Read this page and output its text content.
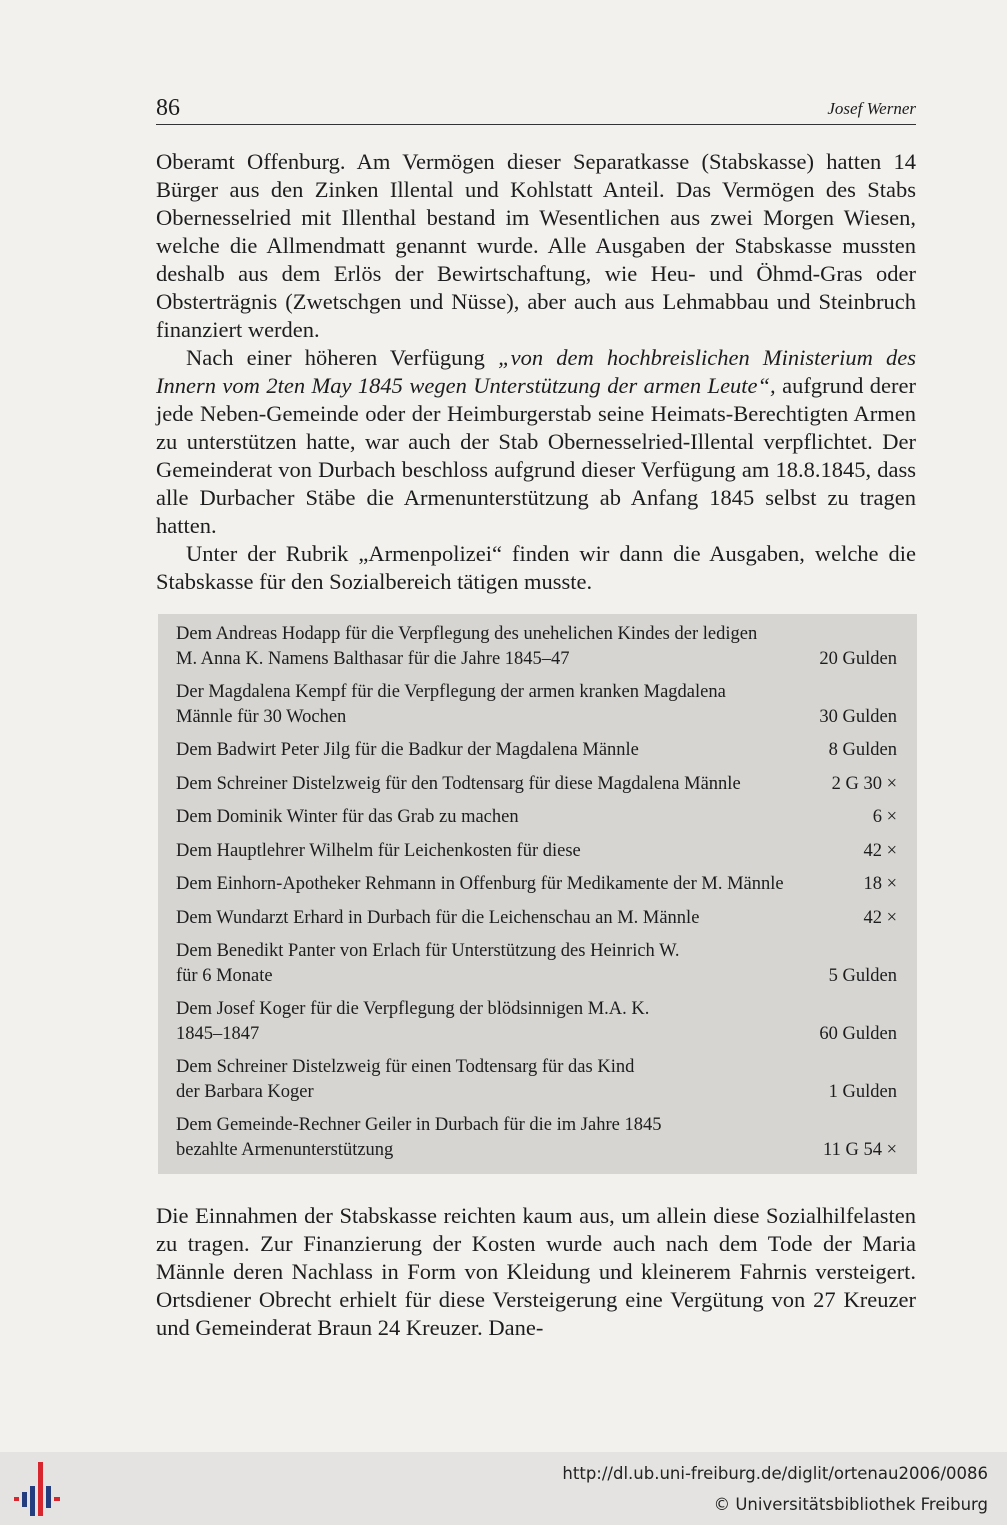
86	Josef Werner

Oberamt Offenburg. Am Vermögen dieser Separatkasse (Stabskasse) hatten 14 Bürger aus den Zinken Illental und Kohlstatt Anteil. Das Vermögen des Stabs Obernesselried mit Illenthal bestand im Wesentlichen aus zwei Morgen Wiesen, welche die Allmendmatt genannt wurde. Alle Ausgaben der Stabskasse mussten deshalb aus dem Erlös der Bewirtschaftung, wie Heu- und Öhmd-Gras oder Obsterträgnis (Zwetschgen und Nüsse), aber auch aus Lehmabbau und Steinbruch finanziert werden.

Nach einer höheren Verfügung „von dem hochbreislichen Ministerium des Innern vom 2ten May 1845 wegen Unterstützung der armen Leute“, aufgrund derer jede Neben-Gemeinde oder der Heimburgerstab seine Heimats-Berechtigten Armen zu unterstützen hatte, war auch der Stab Obernesselried-Illental verpflichtet. Der Gemeinderat von Durbach beschloss aufgrund dieser Verfügung am 18.8.1845, dass alle Durbacher Stäbe die Armenunterstützung ab Anfang 1845 selbst zu tragen hatten.

Unter der Rubrik „Armenpolizei“ finden wir dann die Ausgaben, welche die Stabskasse für den Sozialbereich tätigen musste.

Dem Andreas Hodapp für die Verpflegung des unehelichen Kindes der ledigen
M. Anna K. Namens Balthasar für die Jahre 1845–47	20 Gulden
Der Magdalena Kempf für die Verpflegung der armen kranken Magdalena
Männle für 30 Wochen	30 Gulden
Dem Badwirt Peter Jilg für die Badkur der Magdalena Männle	8 Gulden
Dem Schreiner Distelzweig für den Todtensarg für diese Magdalena Männle	2 G 30 ×
Dem Dominik Winter für das Grab zu machen	6 ×
Dem Hauptlehrer Wilhelm für Leichenkosten für diese	42 ×
Dem Einhorn-Apotheker Rehmann in Offenburg für Medikamente der M. Männle	18 ×
Dem Wundarzt Erhard in Durbach für die Leichenschau an M. Männle	42 ×
Dem Benedikt Panter von Erlach für Unterstützung des Heinrich W.
für 6 Monate	5 Gulden
Dem Josef Koger für die Verpflegung der blödsinnigen M.A. K.
1845–1847	60 Gulden
Dem Schreiner Distelzweig für einen Todtensarg für das Kind
der Barbara Koger	1 Gulden
Dem Gemeinde-Rechner Geiler in Durbach für die im Jahre 1845
bezahlte Armenunterstützung	11 G 54 ×

Die Einnahmen der Stabskasse reichten kaum aus, um allein diese Sozialhilfelasten zu tragen. Zur Finanzierung der Kosten wurde auch nach dem Tode der Maria Männle deren Nachlass in Form von Kleidung und kleinerem Fahrnis versteigert. Ortsdiener Obrecht erhielt für diese Versteigerung eine Vergütung von 27 Kreuzer und Gemeinderat Braun 24 Kreuzer. Dane-

http://dl.ub.uni-freiburg.de/diglit/ortenau2006/0086
© Universitätsbibliothek Freiburg
